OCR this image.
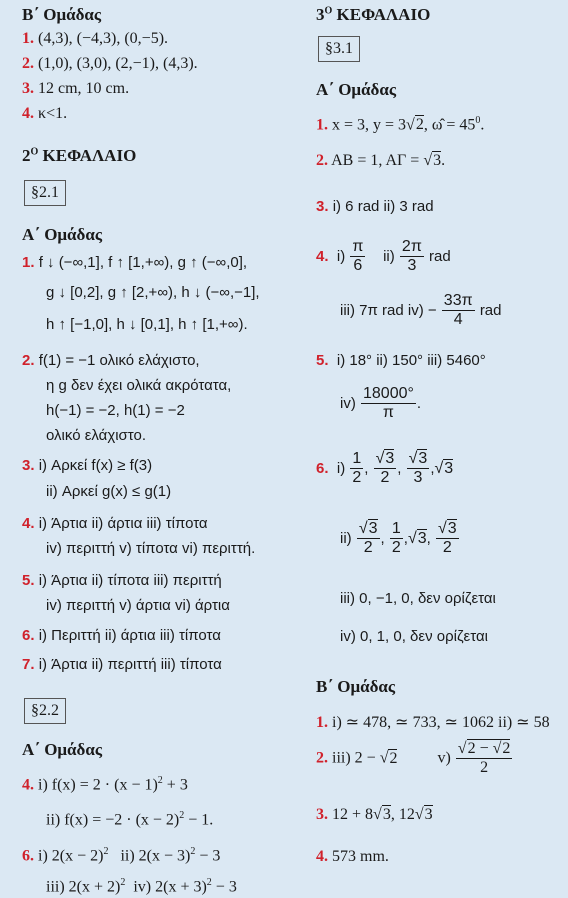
Β΄ Ομάδας
1. (4,3), (−4,3), (0,−5).
2. (1,0), (3,0), (2,−1), (4,3).
3. 12 cm, 10 cm.
4. κ<1.
$2^O$ ΚΕΦΑΛΑΙΟ
§2.1
Α΄ Ομάδας
1. f ↓ (−∞,1], f ↑ [1,+∞), g ↑ (−∞,0],
g ↓ [0,2], g ↑ [2,+∞), h ↓ (−∞,−1],
h ↑ [−1,0], h ↓ [0,1], h ↑ [1,+∞).
2. f(1) = −1 ολικό ελάχιστο,
η g δεν έχει ολικά ακρότατα,
h(−1) = −2, h(1) = −2
ολικό ελάχιστο.
3. i) Αρκεί f(x) ≥ f(3)
ii) Αρκεί g(x) ≤ g(1)
4. i) Άρτια ii) άρτια iii) τίποτα
iv) περιττή v) τίποτα vi) περιττή.
5. i) Άρτια ii) τίποτα iii) περιττή
iv) περιττή v) άρτια vi) άρτια
6. i) Περιττή ii) άρτια iii) τίποτα
7. i) Άρτια ii) περιττή iii) τίποτα
§2.2
Α΄ Ομάδας
4. i) $f(x) = 2 \cdot (x - 1)^2 + 3$
ii) $f(x) = -2 \cdot (x - 2)^2 - 1$.
6. i) $2(x - 2)^2$ ii) $2(x - 3)^2 - 3$
iii) $2(x + 2)^2$ iv) $2(x + 3)^2 - 3$
$3^O$ ΚΕΦΑΛΑΙΟ
§3.1
Α΄ Ομάδας
1. x = 3, y = 3√2, ω̂ = $45^0$.
2. AB = 1, AΓ = √3.
3. i) 6 rad ii) 3 rad
4. $i) \frac{\pi}{6} ii) \frac{2\pi}{3}$ rad
iii) 7π rad $iv) - \frac{33\pi}{4}$ rad
5. i) 18° ii) 150° iii) 5460°
$iv) \frac{18000^\circ}{\pi}$ .
6. $i) \frac{1}{2}$ , $\frac{√3}{2}$ , $\frac{√3}{3} ,√3$
$ii) \frac{√3}{2}$ , $\frac{1}{2} ,√3$, $\frac{√3}{2}$
iii) 0, −1, 0, δεν ορίζεται
iv) 0, 1, 0, δεν ορίζεται
Β΄ Ομάδας
1. i) ≃ 478, ≃ 733, ≃ 1062 ii) ≃ 58
2. iii) 2 − √2	$v) \frac{√2 - √2}{2}$
3. 12 + 8√3, 12√3
4. 573 mm.
